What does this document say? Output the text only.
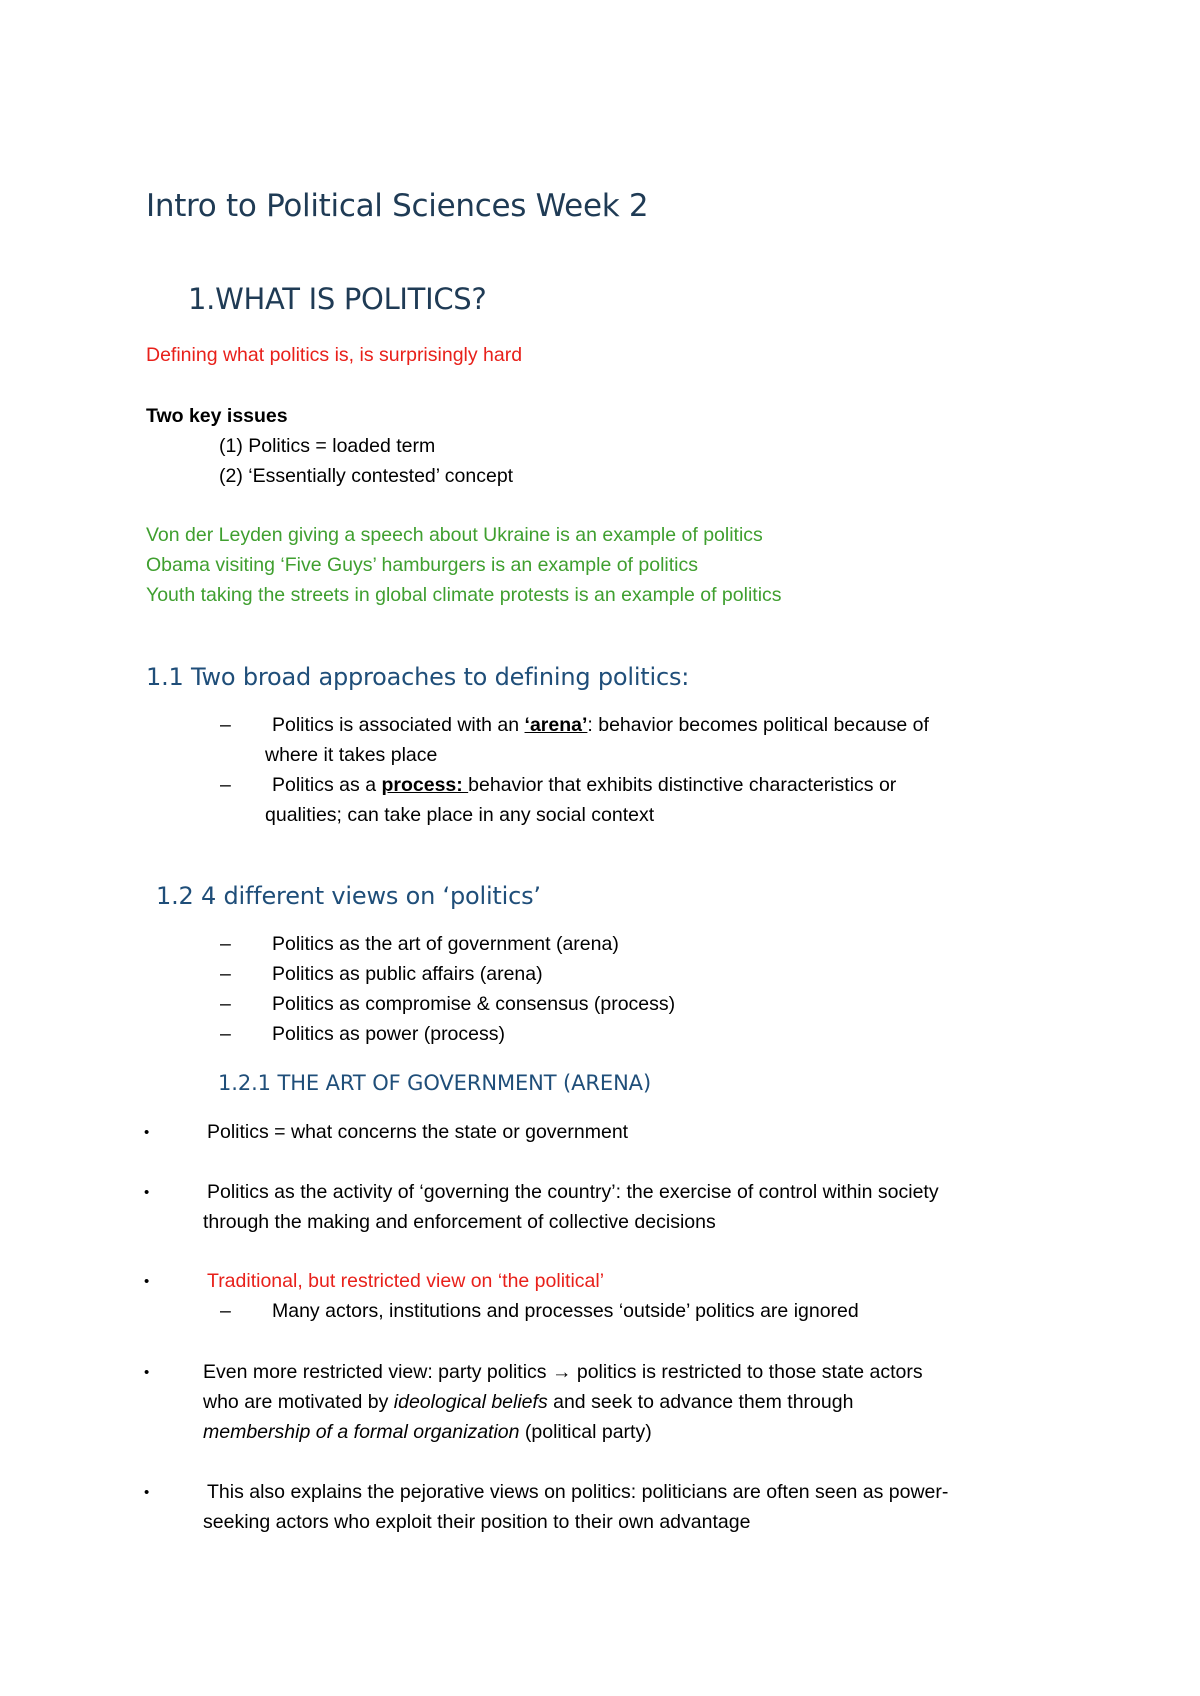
Intro to Political Sciences Week 2
1.WHAT IS POLITICS?
Defining what politics is, is surprisingly hard
Two key issues
(1) Politics = loaded term
(2) ‘Essentially contested’ concept
Von der Leyden giving a speech about Ukraine is an example of politics
Obama visiting ‘Five Guys’ hamburgers is an example of politics
Youth taking the streets in global climate protests is an example of politics
1.1 Two broad approaches to defining politics:
– Politics is associated with an ‘arena’: behavior becomes political because of
where it takes place
– Politics as a process: behavior that exhibits distinctive characteristics or
qualities; can take place in any social context
1.2 4 different views on ‘politics’
– Politics as the art of government (arena)
– Politics as public affairs (arena)
– Politics as compromise & consensus (process)
– Politics as power (process)
1.2.1 THE ART OF GOVERNMENT (ARENA)
•	Politics = what concerns the state or government
•	Politics as the activity of ‘governing the country’: the exercise of control within society
through the making and enforcement of collective decisions
•	Traditional, but restricted view on ‘the political’
– Many actors, institutions and processes ‘outside’ politics are ignored
•	Even more restricted view: party politics → politics is restricted to those state actors
who are motivated by ideological beliefs and seek to advance them through
membership of a formal organization (political party)
•	This also explains the pejorative views on politics: politicians are often seen as power-
seeking actors who exploit their position to their own advantage
